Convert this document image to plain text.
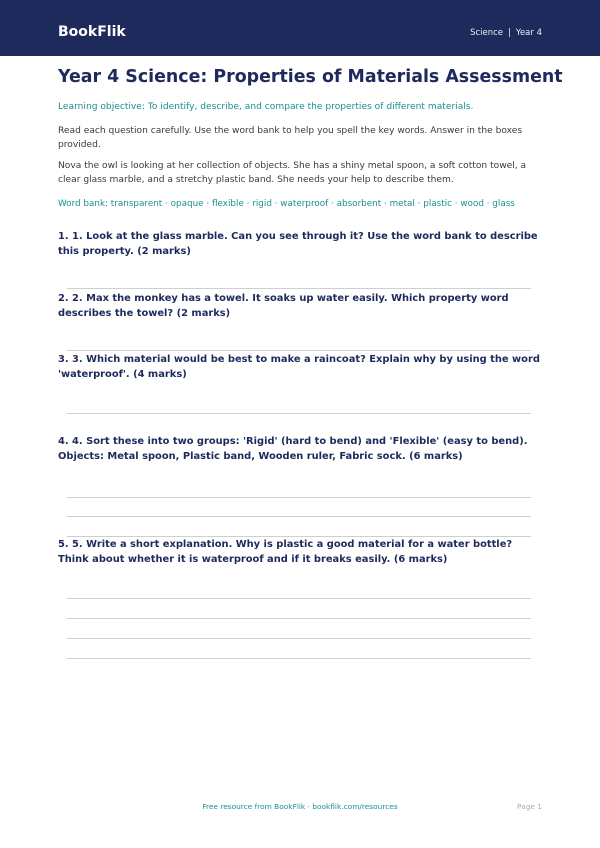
BookFlik	Science | Year 4
Year 4 Science: Properties of Materials Assessment
Learning objective: To identify, describe, and compare the properties of different materials.
Read each question carefully. Use the word bank to help you spell the key words. Answer in the boxes provided.
Nova the owl is looking at her collection of objects. She has a shiny metal spoon, a soft cotton towel, a clear glass marble, and a stretchy plastic band. She needs your help to describe them.
Word bank: transparent · opaque · flexible · rigid · waterproof · absorbent · metal · plastic · wood · glass
1. 1. Look at the glass marble. Can you see through it? Use the word bank to describe this property. (2 marks)
2. 2. Max the monkey has a towel. It soaks up water easily. Which property word describes the towel? (2 marks)
3. 3. Which material would be best to make a raincoat? Explain why by using the word 'waterproof'. (4 marks)
4. 4. Sort these into two groups: 'Rigid' (hard to bend) and 'Flexible' (easy to bend). Objects: Metal spoon, Plastic band, Wooden ruler, Fabric sock. (6 marks)
5. 5. Write a short explanation. Why is plastic a good material for a water bottle? Think about whether it is waterproof and if it breaks easily. (6 marks)
Free resource from BookFlik · bookflik.com/resources	Page 1
